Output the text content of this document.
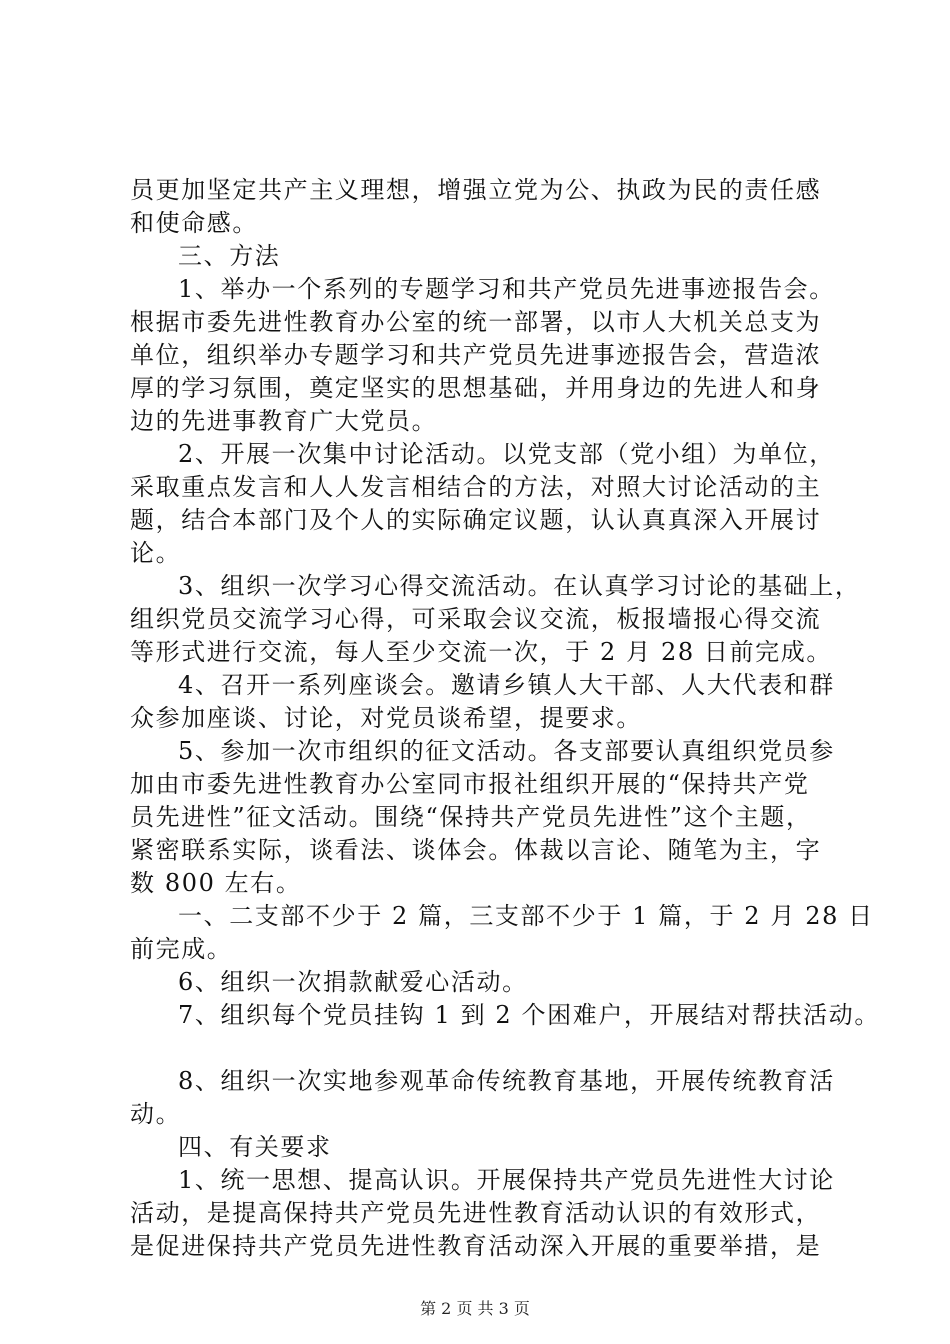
员更加坚定共产主义理想，增强立党为公、执政为民的责任感
和使命感。
三、方法
1、举办一个系列的专题学习和共产党员先进事迹报告会。
根据市委先进性教育办公室的统一部署，以市人大机关总支为
单位，组织举办专题学习和共产党员先进事迹报告会，营造浓
厚的学习氛围，奠定坚实的思想基础，并用身边的先进人和身
边的先进事教育广大党员。
2、开展一次集中讨论活动。以党支部（党小组）为单位，
采取重点发言和人人发言相结合的方法，对照大讨论活动的主
题，结合本部门及个人的实际确定议题，认认真真深入开展讨
论。
3、组织一次学习心得交流活动。在认真学习讨论的基础上，
组织党员交流学习心得，可采取会议交流，板报墙报心得交流
等形式进行交流，每人至少交流一次，于 2 月 28 日前完成。
4、召开一系列座谈会。邀请乡镇人大干部、人大代表和群
众参加座谈、讨论，对党员谈希望，提要求。
5、参加一次市组织的征文活动。各支部要认真组织党员参
加由市委先进性教育办公室同市报社组织开展的“保持共产党
员先进性”征文活动。围绕“保持共产党员先进性”这个主题，
紧密联系实际，谈看法、谈体会。体裁以言论、随笔为主，字
数 800 左右。
一、二支部不少于 2 篇，三支部不少于 1 篇，于 2 月 28 日
前完成。
6、组织一次捐款献爱心活动。
7、组织每个党员挂钩 1 到 2 个困难户，开展结对帮扶活动。
8、组织一次实地参观革命传统教育基地，开展传统教育活
动。
四、有关要求
1、统一思想、提高认识。开展保持共产党员先进性大讨论
活动，是提高保持共产党员先进性教育活动认识的有效形式，
是促进保持共产党员先进性教育活动深入开展的重要举措，是
第 2 页 共 3 页
